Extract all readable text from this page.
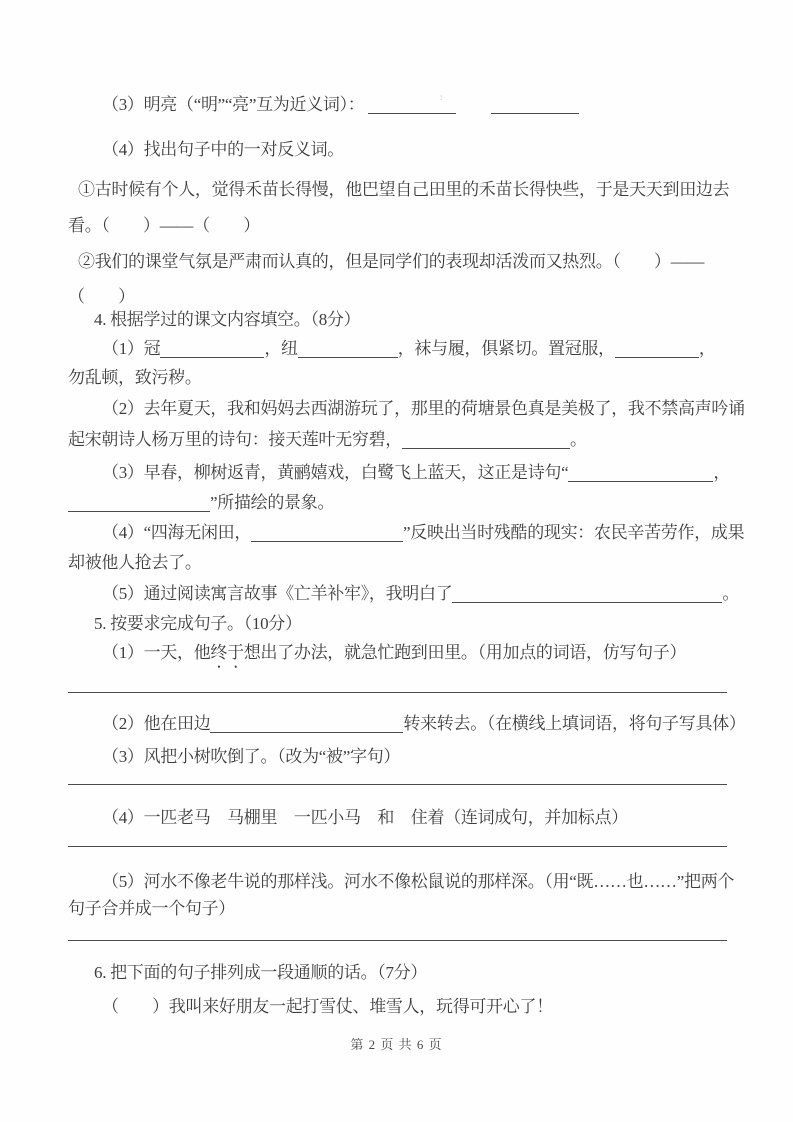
:
（3）明亮（“明”“亮”互为近义词）：
（4）找出句子中的一对反义词。
①古时候有个人，觉得禾苗长得慢，他巴望自己田里的禾苗长得快些，于是天天到田边去
看。（　　）——（　　）
②我们的课堂气氛是严肃而认真的，但是同学们的表现却活泼而又热烈。（　　）——
（　　）
4. 根据学过的课文内容填空。（8分）
（1）冠	，纽	，袜与履，俱紧切。置冠服，	，
勿乱顿，致污秽。
（2）去年夏天，我和妈妈去西湖游玩了，那里的荷塘景色真是美极了，我不禁高声吟诵
起宋朝诗人杨万里的诗句：接天莲叶无穷碧，	。
（3）早春，柳树返青，黄鹂嬉戏，白鹭飞上蓝天，这正是诗句“	，
”所描绘的景象。
（4）“四海无闲田，	”反映出当时残酷的现实：农民辛苦劳作，成果
却被他人抢去了。
（5）通过阅读寓言故事《亡羊补牢》，我明白了	。
5. 按要求完成句子。（10分）
（1）一天，他终于想出了办法，就急忙跑到田里。（用加点的词语，仿写句子）
（2）他在田边	转来转去。（在横线上填词语，将句子写具体）
（3）风把小树吹倒了。（改为“被”字句）
（4）一匹老马　马棚里　一匹小马　和　住着（连词成句，并加标点）
（5）河水不像老牛说的那样浅。河水不像松鼠说的那样深。（用“既……也……”把两个
句子合并成一个句子）
6. 把下面的句子排列成一段通顺的话。（7分）
（　　）我叫来好朋友一起打雪仗、堆雪人，玩得可开心了！
第 2 页 共 6 页
